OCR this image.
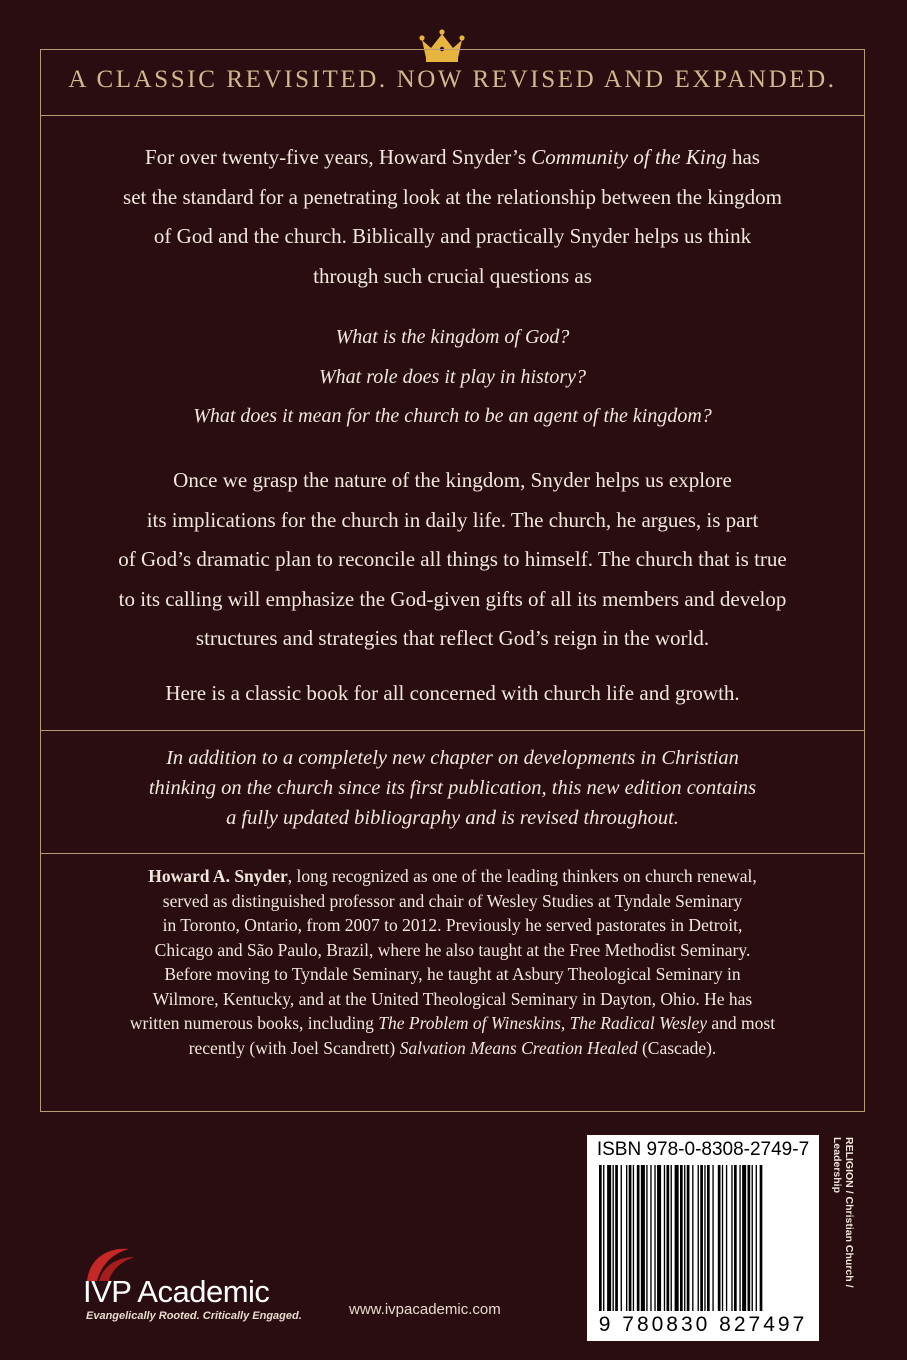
A CLASSIC REVISITED. NOW REVISED AND EXPANDED.

For over twenty-five years, Howard Snyder’s Community of the King has

set the standard for a penetrating look at the relationship between the kingdom

of God and the church. Biblically and practically Snyder helps us think

through such crucial questions as

What is the kingdom of God?

What role does it play in history?

What does it mean for the church to be an agent of the kingdom?

Once we grasp the nature of the kingdom, Snyder helps us explore

its implications for the church in daily life. The church, he argues, is part

of God’s dramatic plan to reconcile all things to himself. The church that is true

to its calling will emphasize the God-given gifts of all its members and develop

structures and strategies that reflect God’s reign in the world.

Here is a classic book for all concerned with church life and growth.

In addition to a completely new chapter on developments in Christian

thinking on the church since its first publication, this new edition contains

a fully updated bibliography and is revised throughout.

Howard A. Snyder, long recognized as one of the leading thinkers on church renewal,

served as distinguished professor and chair of Wesley Studies at Tyndale Seminary

in Toronto, Ontario, from 2007 to 2012. Previously he served pastorates in Detroit,

Chicago and São Paulo, Brazil, where he also taught at the Free Methodist Seminary.

Before moving to Tyndale Seminary, he taught at Asbury Theological Seminary in

Wilmore, Kentucky, and at the United Theological Seminary in Dayton, Ohio. He has

written numerous books, including The Problem of Wineskins, The Radical Wesley and most

recently (with Joel Scandrett) Salvation Means Creation Healed (Cascade).

ISBN 978-0-8308-2749-7
9 780830 827497
RELIGION / Christian Church / Leadership
IVP Academic
Evangelically Rooted. Critically Engaged.	www.ivpacademic.com
